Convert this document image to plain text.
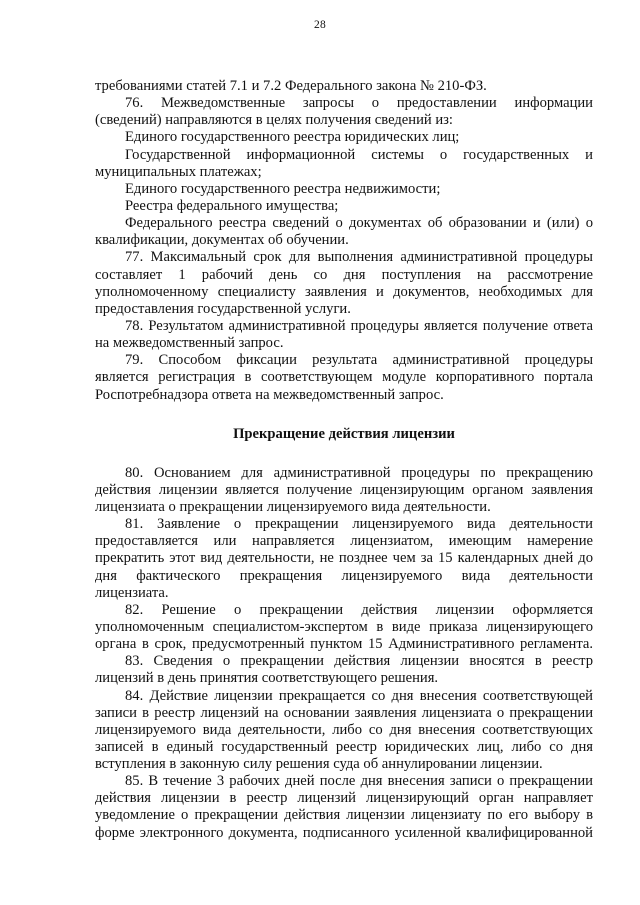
28
требованиями статей 7.1 и 7.2 Федерального закона № 210-ФЗ.
76. Межведомственные запросы о предоставлении информации
(сведений) направляются в целях получения сведений из:
Единого государственного реестра юридических лиц;
Государственной информационной системы о государственных и
муниципальных платежах;
Единого государственного реестра недвижимости;
Реестра федерального имущества;
Федерального реестра сведений о документах об образовании и (или) о
квалификации, документах об обучении.
77. Максимальный срок для выполнения административной процедуры
составляет 1 рабочий день со дня поступления на рассмотрение
уполномоченному специалисту заявления и документов, необходимых для
предоставления государственной услуги.
78. Результатом административной процедуры является получение ответа
на межведомственный запрос.
79. Способом фиксации результата административной процедуры
является регистрация в соответствующем модуле корпоративного портала
Роспотребнадзора ответа на межведомственный запрос.
Прекращение действия лицензии
80. Основанием для административной процедуры по прекращению
действия лицензии является получение лицензирующим органом заявления
лицензиата о прекращении лицензируемого вида деятельности.
81. Заявление о прекращении лицензируемого вида деятельности
предоставляется или направляется лицензиатом, имеющим намерение
прекратить этот вид деятельности, не позднее чем за 15 календарных дней до
дня фактического прекращения лицензируемого вида деятельности
лицензиата.
82. Решение о прекращении действия лицензии оформляется
уполномоченным специалистом-экспертом в виде приказа лицензирующего
органа в срок, предусмотренный пунктом 15 Административного регламента.
83. Сведения о прекращении действия лицензии вносятся в реестр
лицензий в день принятия соответствующего решения.
84. Действие лицензии прекращается со дня внесения соответствующей
записи в реестр лицензий на основании заявления лицензиата о прекращении
лицензируемого вида деятельности, либо со дня внесения соответствующих
записей в единый государственный реестр юридических лиц, либо со дня
вступления в законную силу решения суда об аннулировании лицензии.
85. В течение 3 рабочих дней после дня внесения записи о прекращении
действия лицензии в реестр лицензий лицензирующий орган направляет
уведомление о прекращении действия лицензии лицензиату по его выбору в
форме электронного документа, подписанного усиленной квалифицированной
